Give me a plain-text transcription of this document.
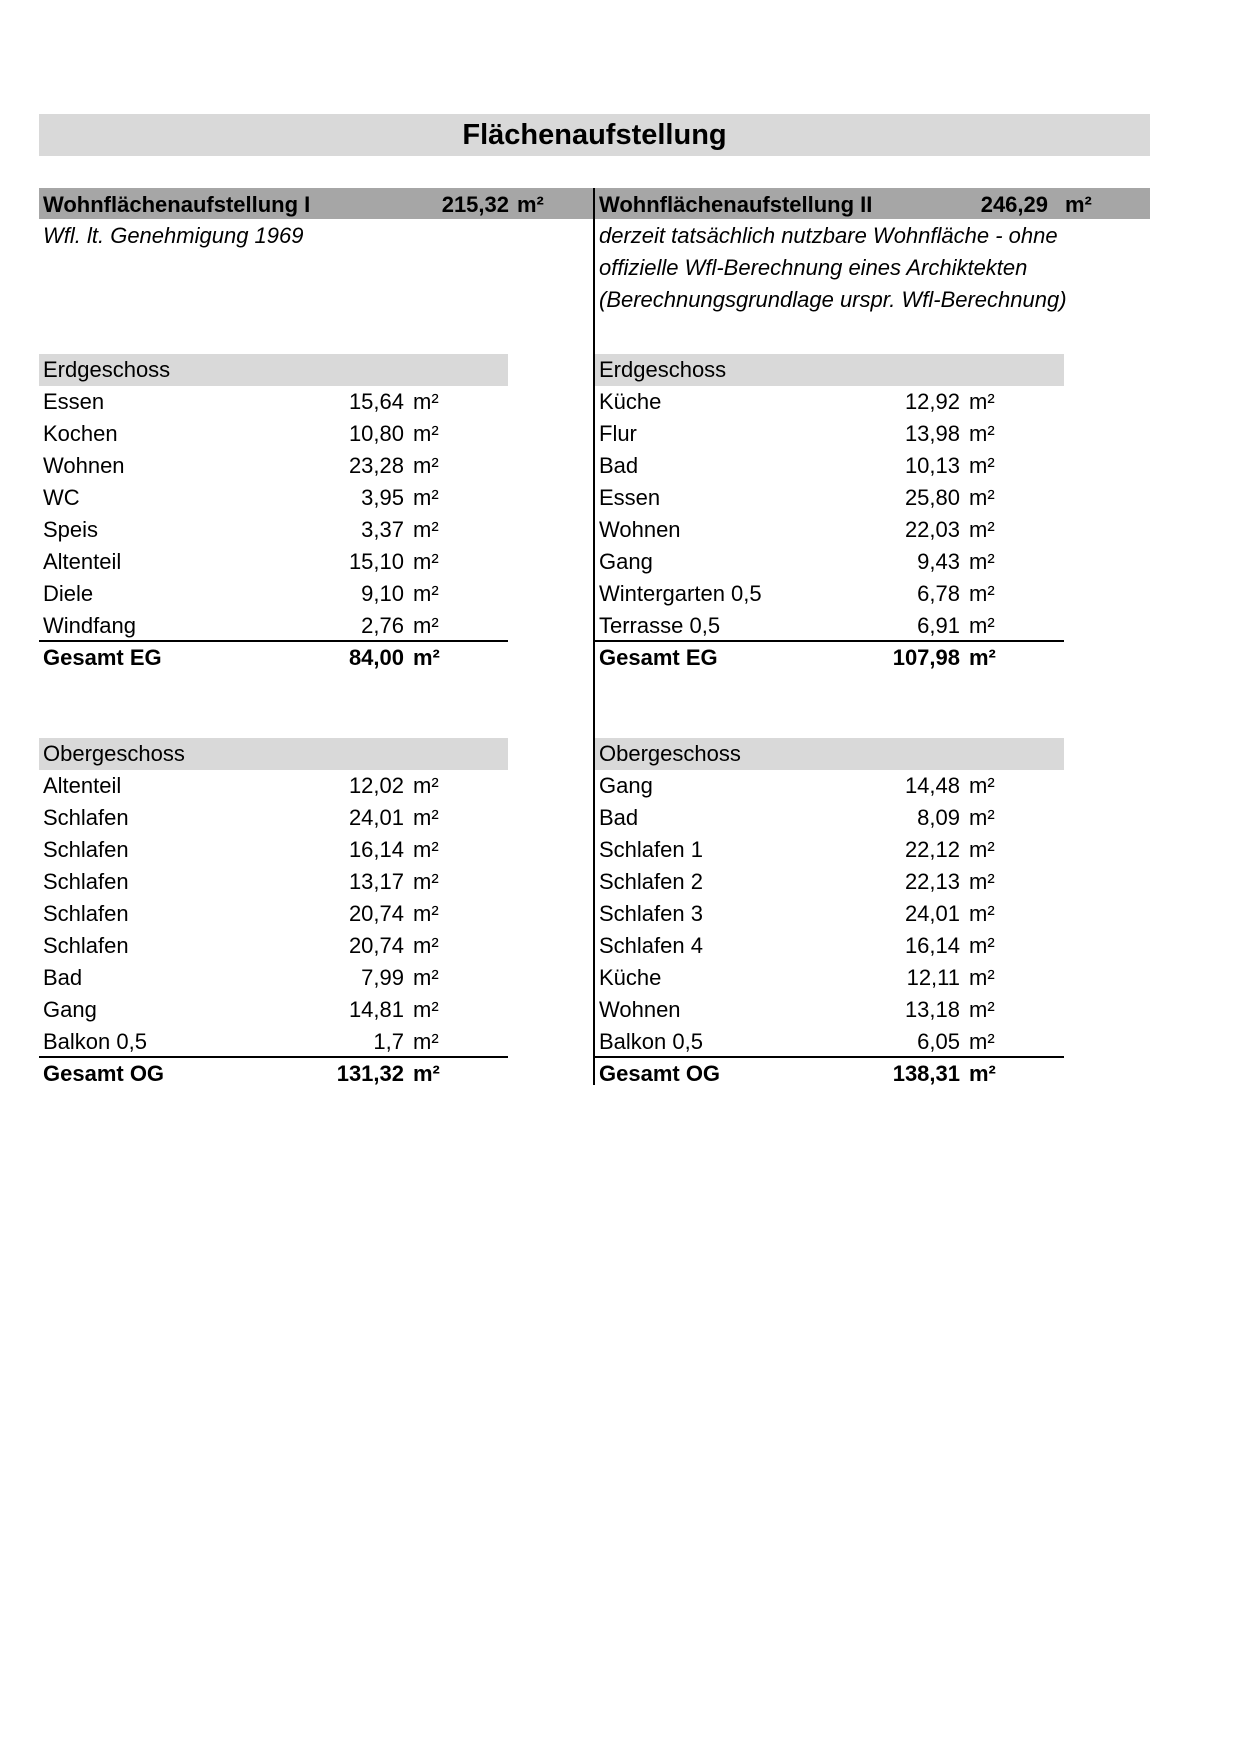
Flächenaufstellung
Wohnflächenaufstellung I	215,32 m²	Wohnflächenaufstellung II	246,29 m²
Wfl. lt. Genehmigung 1969	derzeit tatsächlich nutzbare Wohnfläche - ohne
offizielle Wfl-Berechnung eines Archiktekten
(Berechnungsgrundlage urspr. Wfl-Berechnung)
Erdgeschoss
Essen	15,64 m²
Kochen	10,80 m²
Wohnen	23,28 m²
WC	3,95 m²
Speis	3,37 m²
Altenteil	15,10 m²
Diele	9,10 m²
Windfang	2,76 m²
Gesamt EG	84,00 m²
Erdgeschoss
Küche	12,92 m²
Flur	13,98 m²
Bad	10,13 m²
Essen	25,80 m²
Wohnen	22,03 m²
Gang	9,43 m²
Wintergarten 0,5	6,78 m²
Terrasse 0,5	6,91 m²
Gesamt EG	107,98 m²
Obergeschoss
Altenteil	12,02 m²
Schlafen	24,01 m²
Schlafen	16,14 m²
Schlafen	13,17 m²
Schlafen	20,74 m²
Schlafen	20,74 m²
Bad	7,99 m²
Gang	14,81 m²
Balkon 0,5	1,7 m²
Gesamt OG	131,32 m²
Obergeschoss
Gang	14,48 m²
Bad	8,09 m²
Schlafen 1	22,12 m²
Schlafen 2	22,13 m²
Schlafen 3	24,01 m²
Schlafen 4	16,14 m²
Küche	12,11 m²
Wohnen	13,18 m²
Balkon 0,5	6,05 m²
Gesamt OG	138,31 m²
